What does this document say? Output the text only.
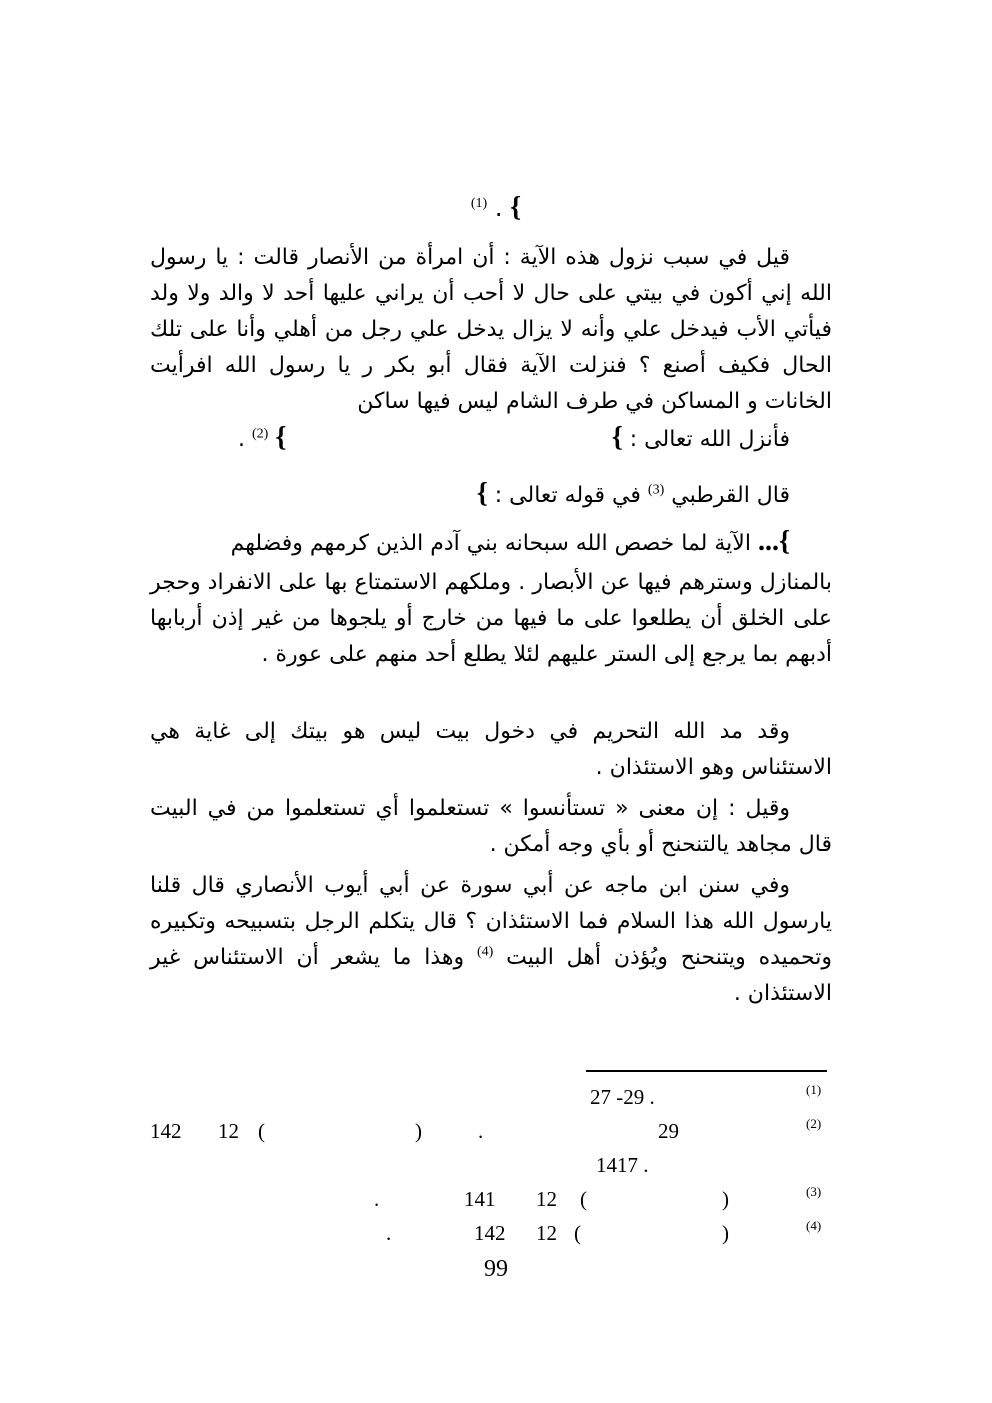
} . $^{(1)}$
قيل في سبب نزول هذه الآية : أن امرأة من الأنصار قالت : يا رسول الله إني أكون في بيتي على حال لا أحب أن يراني عليها أحد لا والد ولا ولد فيأتي الأب فيدخل علي وأنه لا يزال يدخل علي رجل من أهلي وأنا على تلك الحال فكيف أصنع ؟ فنزلت الآية فقال أبو بكر ر يا رسول الله افرأيت الخانات و المساكن في طرف الشام ليس فيها ساكن
فأنزل الله تعالى : }
} $^{(2)}$ .
قال القرطبي $^{(3)}$ في قوله تعالى : }
}... الآية لما خصص الله سبحانه بني آدم الذين كرمهم وفضلهم
بالمنازل وسترهم فيها عن الأبصار . وملكهم الاستمتاع بها على الانفراد وحجر على الخلق أن يطلعوا على ما فيها من خارج أو يلجوها من غير إذن أربابها أدبهم بما يرجع إلى الستر عليهم لئلا يطلع أحد منهم على عورة .
وقد مد الله التحريم في دخول بيت ليس هو بيتك إلى غاية هي الاستئناس وهو الاستئذان .
وقيل : إن معنى « تستأنسوا » تستعلموا أي تستعلموا من في البيت قال مجاهد يالتنحنح أو بأي وجه أمكن .
وفي سنن ابن ماجه عن أبي سورة عن أبي أيوب الأنصاري قال قلنا يارسول الله هذا السلام فما الاستئذان ؟ قال يتكلم الرجل بتسبيحه وتكبيره وتحميده ويتنحنح ويُؤذن أهل البيت $^{(4)}$ وهذا ما يشعر أن الاستئناس غير الاستئذان .
(1)
27 -29 .
(2)
29
.
)
(
12
142
1417 .
(3)
)
(
12
141
.
(4)
)
(
12
142
.
99
